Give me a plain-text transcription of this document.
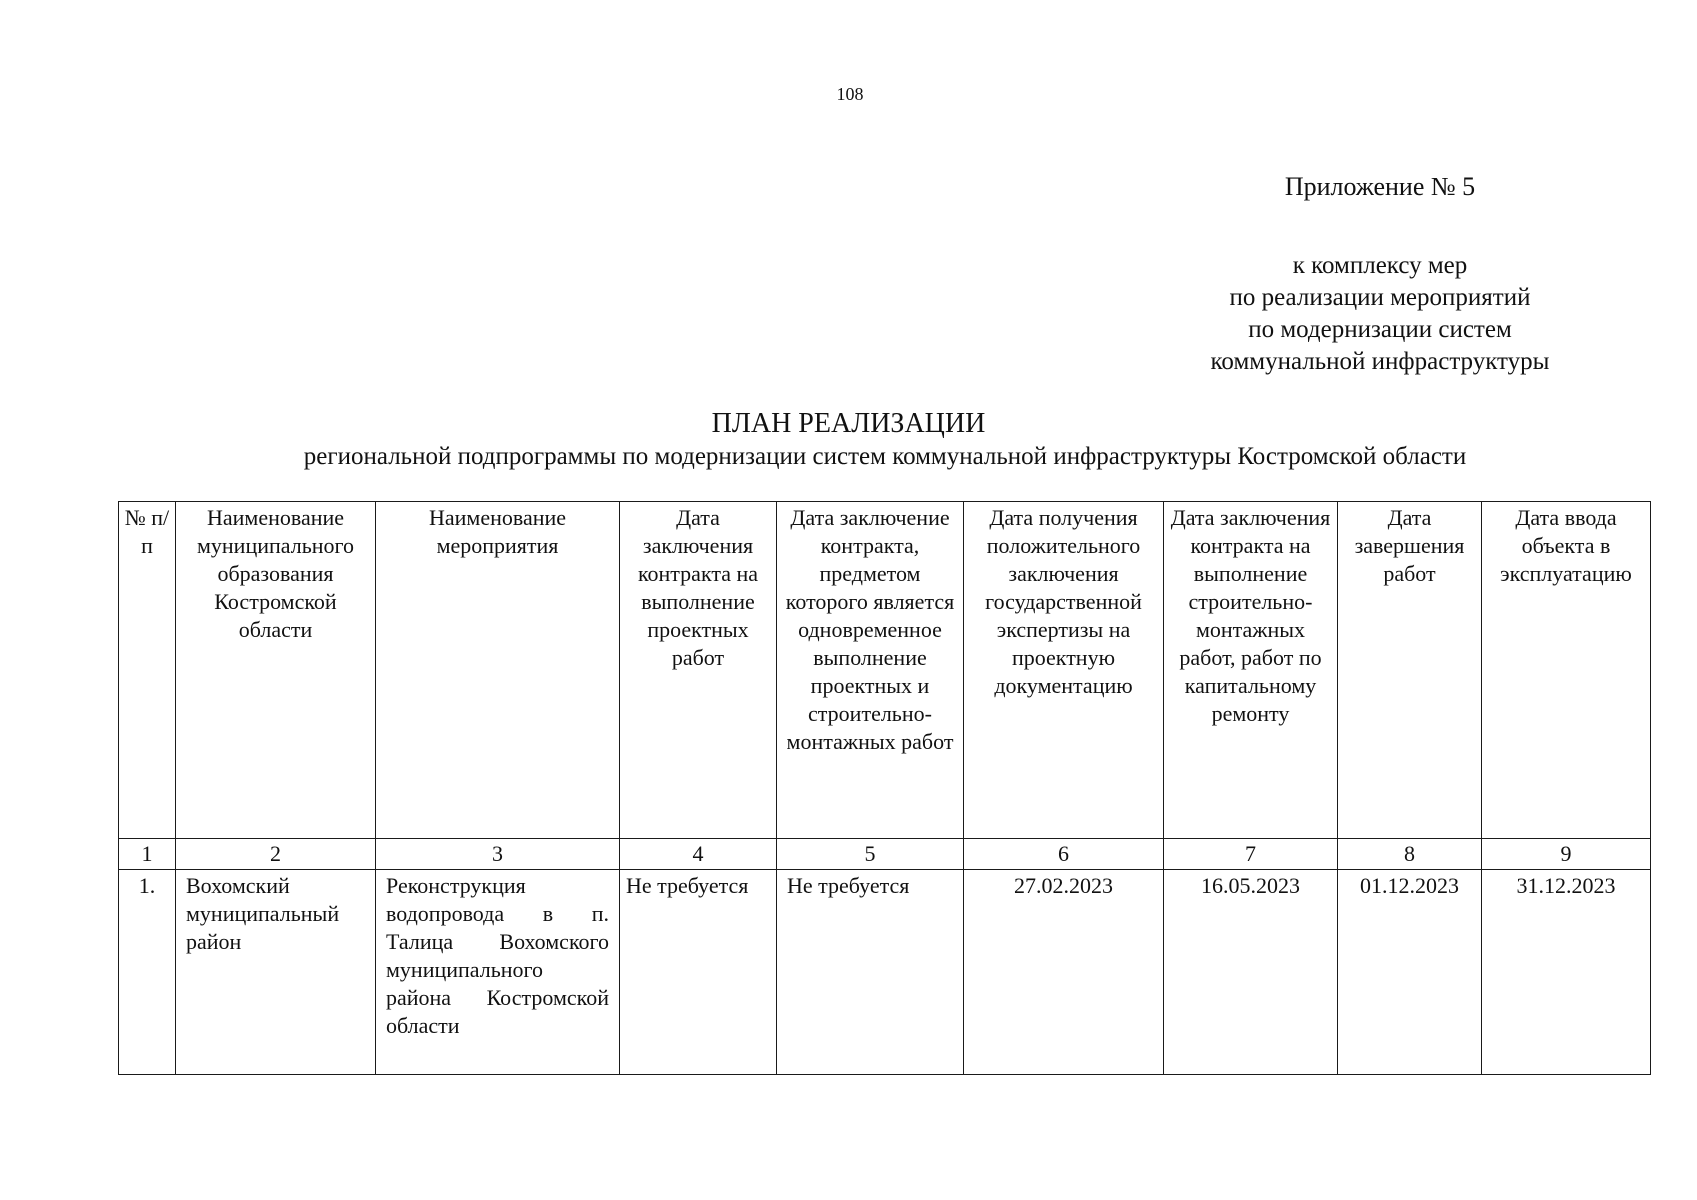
108
Приложение № 5
к комплексу мер
по реализации мероприятий
по модернизации систем
коммунальной инфраструктуры
ПЛАН РЕАЛИЗАЦИИ
региональной подпрограммы по модернизации систем коммунальной инфраструктуры Костромской области
№ п/п	Наименование муниципального образования Костромской области	Наименование мероприятия	Дата заключения контракта на выполнение проектных работ	Дата заключение контракта, предметом которого является одновременное выполнение проектных и строительно-монтажных работ	Дата получения положительного заключения государственной экспертизы на проектную документацию	Дата заключения контракта на выполнение строительно-монтажных работ, работ по капитальному ремонту	Дата завершения работ	Дата ввода объекта в эксплуатацию
1	2	3	4	5	6	7	8	9
1.	Вохомский муниципальный район	Реконструкция водопровода в п. Талица Вохомского муниципального района Костромской области	Не требуется	Не требуется	27.02.2023	16.05.2023	01.12.2023	31.12.2023
